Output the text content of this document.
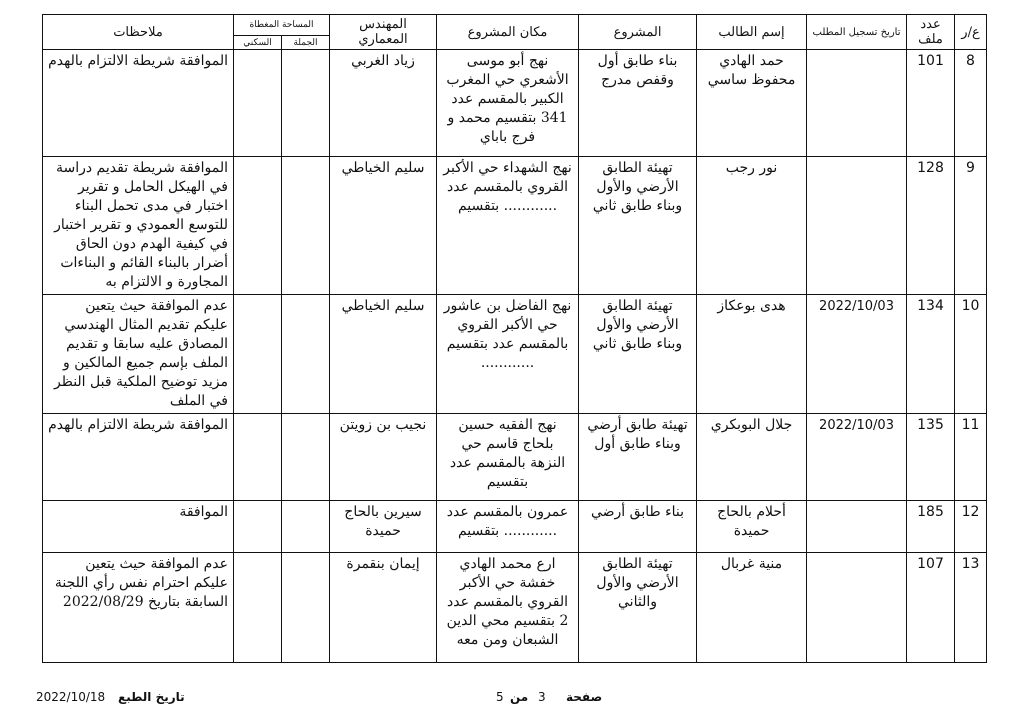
ع/ر	عدد ملف	تاريخ تسجيل المطلب	إسم الطالب	المشروع	مكان المشروع	المهندس المعماري	المساحة المغطاة		ملاحظات
							الجملة	السكني	
8	101		حمد الهادي محفوظ ساسي	بناء طابق أول وقفص مدرج	نهج أبو موسى الأشعري حي المغرب الكبير بالمقسم عدد 341 بتقسيم محمد و فرج باباي	زياد الغربي			الموافقة شريطة الالتزام بالهدم
9	128		نور رجب	تهيئة الطابق الأرضي والأول وبناء طابق ثاني	نهج الشهداء حي الأكبر القروي بالمقسم عدد ............ بتقسيم	سليم الخياطي			الموافقة شريطة تقديم دراسة في الهيكل الحامل و تقرير اختبار في مدى تحمل البناء للتوسع العمودي و تقرير اختبار في كيفية الهدم دون الحاق أضرار بالبناء القائم و البناءات المجاورة و الالتزام به
10	134	2022/10/03	هدى بوعكاز	تهيئة الطابق الأرضي والأول وبناء طابق ثاني	نهج الفاضل بن عاشور حي الأكبر القروي بالمقسم عدد بتقسيم ............	سليم الخياطي			عدم الموافقة حيث يتعين عليكم تقديم المثال الهندسي المصادق عليه سابقا و تقديم الملف بإسم جميع المالكين و مزيد توضيح الملكية قبل النظر في الملف
11	135	2022/10/03	جلال البوبكري	تهيئة طابق أرضي وبناء طابق أول	نهج الفقيه حسين بلحاج قاسم حي النزهة بالمقسم عدد بتقسيم	نجيب بن زويتن			الموافقة شريطة الالتزام بالهدم
12	185		أحلام بالحاج حميدة	بناء طابق أرضي	عمرون بالمقسم عدد ............ بتقسيم	سيرين بالحاج حميدة			الموافقة
13	107		منية غربال	تهيئة الطابق الأرضي والأول والثاني	ارع محمد الهادي خفشة حي الأكبر القروي بالمقسم عدد 2 بتقسيم محي الدين الشبعان ومن معه	إيمان بنقمرة			عدم الموافقة حيث يتعين عليكم احترام نفس رأي اللجنة السابقة بتاريخ 2022/08/29
2022/10/18 تاريخ الطبع	5 من 3 صفحة
